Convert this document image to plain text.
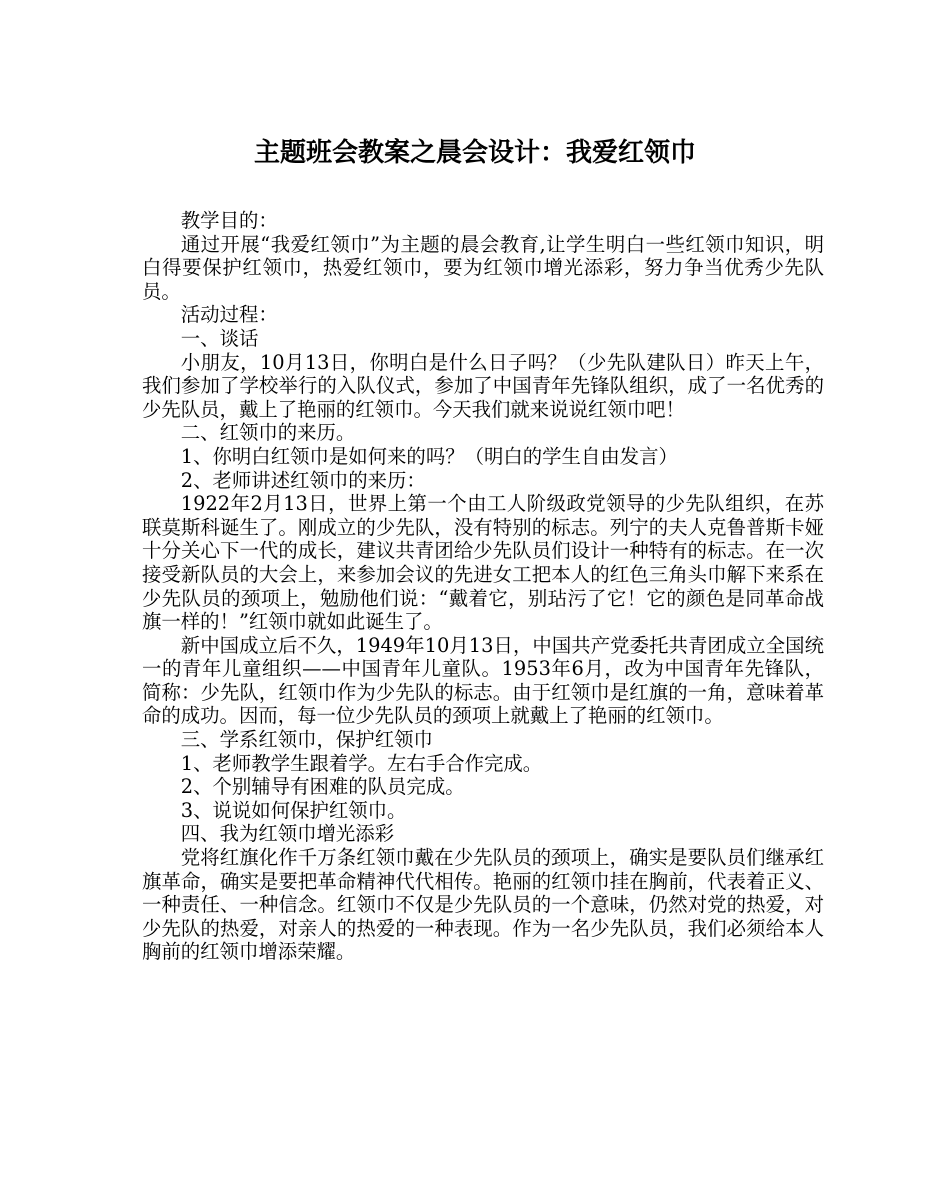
主题班会教案之晨会设计：我爱红领巾

教学目的：

通过开展“我爱红领巾”为主题的晨会教育,让学生明白一些红领巾知识，明白得要保护红领巾，热爱红领巾，要为红领巾增光添彩，努力争当优秀少先队员。

活动过程：

一、谈话

小朋友，10月13日，你明白是什么日子吗？（少先队建队日）昨天上午，我们参加了学校举行的入队仪式，参加了中国青年先锋队组织，成了一名优秀的少先队员，戴上了艳丽的红领巾。今天我们就来说说红领巾吧！

二、红领巾的来历。

1、你明白红领巾是如何来的吗？（明白的学生自由发言）

2、老师讲述红领巾的来历：

1922年2月13日，世界上第一个由工人阶级政党领导的少先队组织，在苏联莫斯科诞生了。刚成立的少先队，没有特别的标志。列宁的夫人克鲁普斯卡娅十分关心下一代的成长，建议共青团给少先队员们设计一种特有的标志。在一次接受新队员的大会上，来参加会议的先进女工把本人的红色三角头巾解下来系在少先队员的颈项上，勉励他们说：“戴着它，别玷污了它！它的颜色是同革命战旗一样的！”红领巾就如此诞生了。

新中国成立后不久，1949年10月13日，中国共产党委托共青团成立全国统一的青年儿童组织——中国青年儿童队。1953年6月，改为中国青年先锋队，简称：少先队，红领巾作为少先队的标志。由于红领巾是红旗的一角，意味着革命的成功。因而，每一位少先队员的颈项上就戴上了艳丽的红领巾。

三、学系红领巾，保护红领巾

1、老师教学生跟着学。左右手合作完成。

2、个别辅导有困难的队员完成。

3、说说如何保护红领巾。

四、我为红领巾增光添彩

党将红旗化作千万条红领巾戴在少先队员的颈项上，确实是要队员们继承红旗革命，确实是要把革命精神代代相传。艳丽的红领巾挂在胸前，代表着正义、一种责任、一种信念。红领巾不仅是少先队员的一个意味，仍然对党的热爱，对少先队的热爱，对亲人的热爱的一种表现。作为一名少先队员，我们必须给本人胸前的红领巾增添荣耀。
